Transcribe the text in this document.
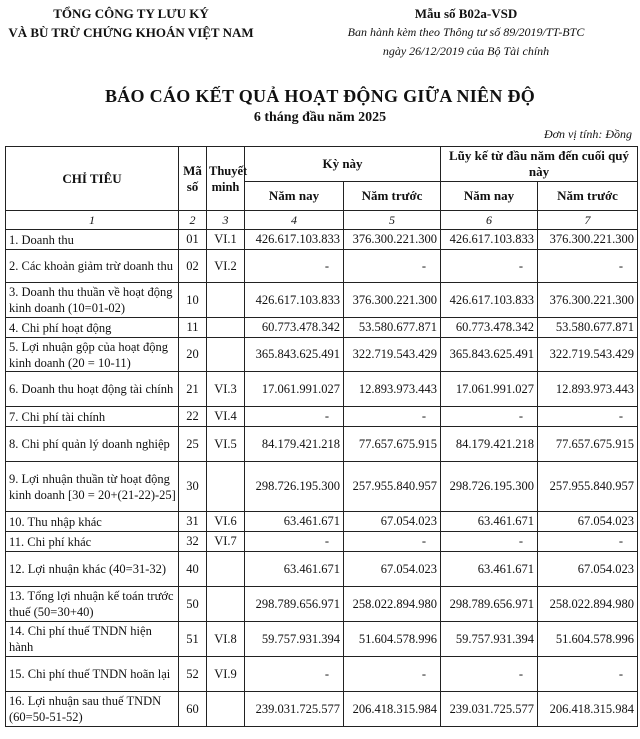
TỔNG CÔNG TY LƯU KÝ
VÀ BÙ TRỪ CHỨNG KHOÁN VIỆT NAM
Mẫu số B02a-VSD
Ban hành kèm theo Thông tư số 89/2019/TT-BTC
ngày 26/12/2019 của Bộ Tài chính
BÁO CÁO KẾT QUẢ HOẠT ĐỘNG GIỮA NIÊN ĐỘ
6 tháng đầu năm 2025
Đơn vị tính: Đồng
CHỈ TIÊU	Mã số	Thuyết minh	Kỳ này		Lũy kế từ đầu năm đến cuối quý này	
			Năm nay	Năm trước	Năm nay	Năm trước
1	2	3	4	5	6	7
1. Doanh thu	01	VI.1	426.617.103.833	376.300.221.300	426.617.103.833	376.300.221.300
2. Các khoản giảm trừ doanh thu	02	VI.2	-	-	-	-
3. Doanh thu thuần về hoạt động kinh doanh (10=01-02)	10		426.617.103.833	376.300.221.300	426.617.103.833	376.300.221.300
4. Chi phí hoạt động	11		60.773.478.342	53.580.677.871	60.773.478.342	53.580.677.871
5. Lợi nhuận gộp của hoạt động kinh doanh (20 = 10-11)	20		365.843.625.491	322.719.543.429	365.843.625.491	322.719.543.429
6. Doanh thu hoạt động tài chính	21	VI.3	17.061.991.027	12.893.973.443	17.061.991.027	12.893.973.443
7. Chi phí tài chính	22	VI.4	-	-	-	-
8. Chi phí quản lý doanh nghiệp	25	VI.5	84.179.421.218	77.657.675.915	84.179.421.218	77.657.675.915
9. Lợi nhuận thuần từ hoạt động kinh doanh [30 = 20+(21-22)-25]	30		298.726.195.300	257.955.840.957	298.726.195.300	257.955.840.957
10. Thu nhập khác	31	VI.6	63.461.671	67.054.023	63.461.671	67.054.023
11. Chi phí khác	32	VI.7	-	-	-	-
12. Lợi nhuận khác (40=31-32)	40		63.461.671	67.054.023	63.461.671	67.054.023
13. Tổng lợi nhuận kế toán trước thuế (50=30+40)	50		298.789.656.971	258.022.894.980	298.789.656.971	258.022.894.980
14. Chi phí thuế TNDN hiện hành	51	VI.8	59.757.931.394	51.604.578.996	59.757.931.394	51.604.578.996
15. Chi phí thuế TNDN hoãn lại	52	VI.9	-	-	-	-
16. Lợi nhuận sau thuế TNDN (60=50-51-52)	60		239.031.725.577	206.418.315.984	239.031.725.577	206.418.315.984
